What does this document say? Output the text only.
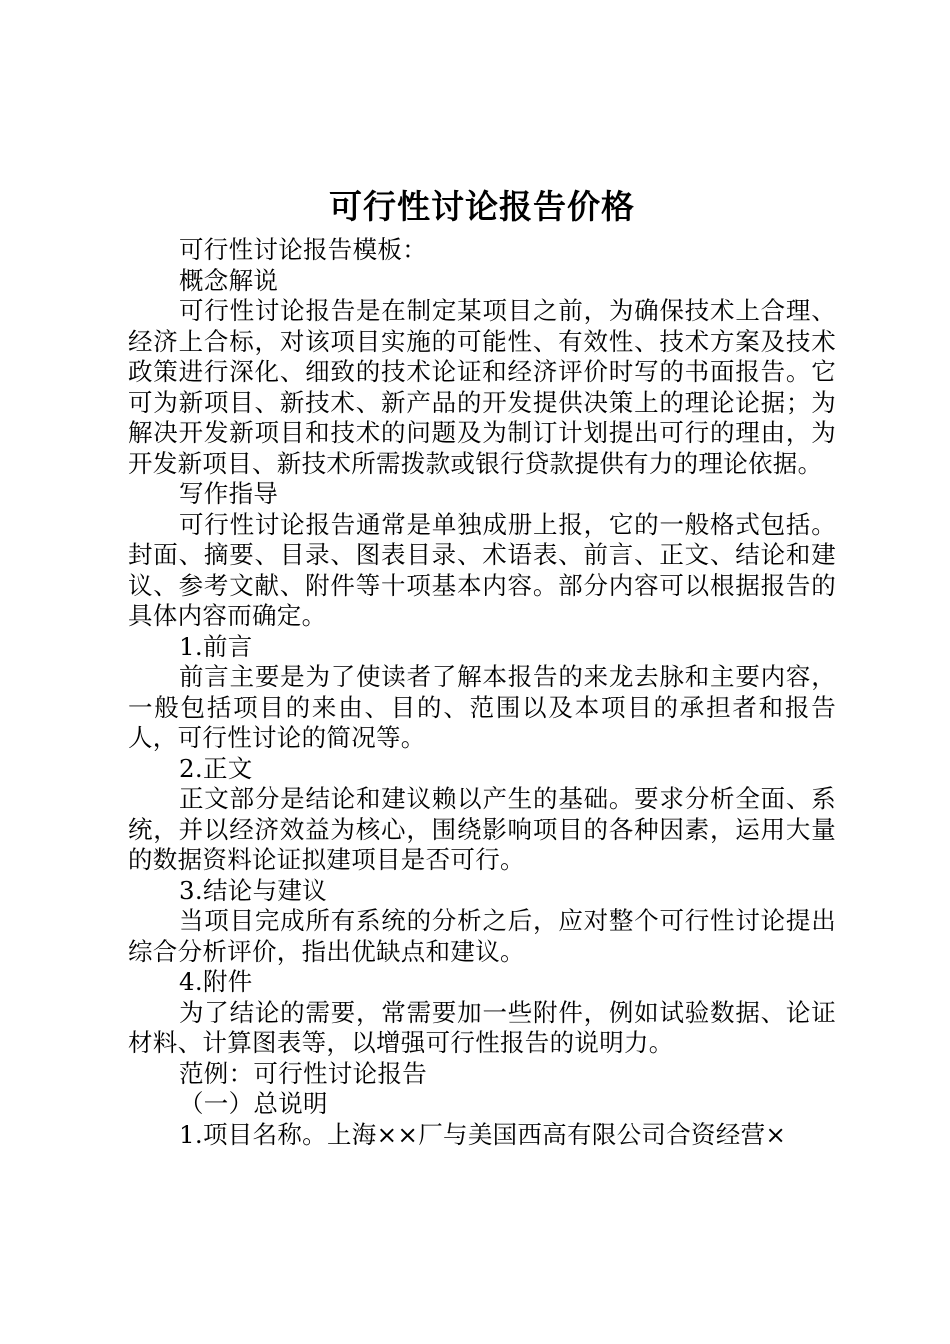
可行性讨论报告价格

可行性讨论报告模板：

概念解说

可行性讨论报告是在制定某项目之前，为确保技术上合理、经济上合标，对该项目实施的可能性、有效性、技术方案及技术政策进行深化、细致的技术论证和经济评价时写的书面报告。它可为新项目、新技术、新产品的开发提供决策上的理论论据；为解决开发新项目和技术的问题及为制订计划提出可行的理由，为开发新项目、新技术所需拨款或银行贷款提供有力的理论依据。

写作指导

可行性讨论报告通常是单独成册上报，它的一般格式包括。封面、摘要、目录、图表目录、术语表、前言、正文、结论和建议、参考文献、附件等十项基本内容。部分内容可以根据报告的具体内容而确定。

1.前言

前言主要是为了使读者了解本报告的来龙去脉和主要内容，一般包括项目的来由、目的、范围以及本项目的承担者和报告人，可行性讨论的简况等。

2.正文

正文部分是结论和建议赖以产生的基础。要求分析全面、系统，并以经济效益为核心，围绕影响项目的各种因素，运用大量的数据资料论证拟建项目是否可行。

3.结论与建议

当项目完成所有系统的分析之后，应对整个可行性讨论提出综合分析评价，指出优缺点和建议。

4.附件

为了结论的需要，常需要加一些附件，例如试验数据、论证材料、计算图表等，以增强可行性报告的说明力。

范例：可行性讨论报告

（一）总说明

1.项目名称。上海××厂与美国西高有限公司合资经营×
